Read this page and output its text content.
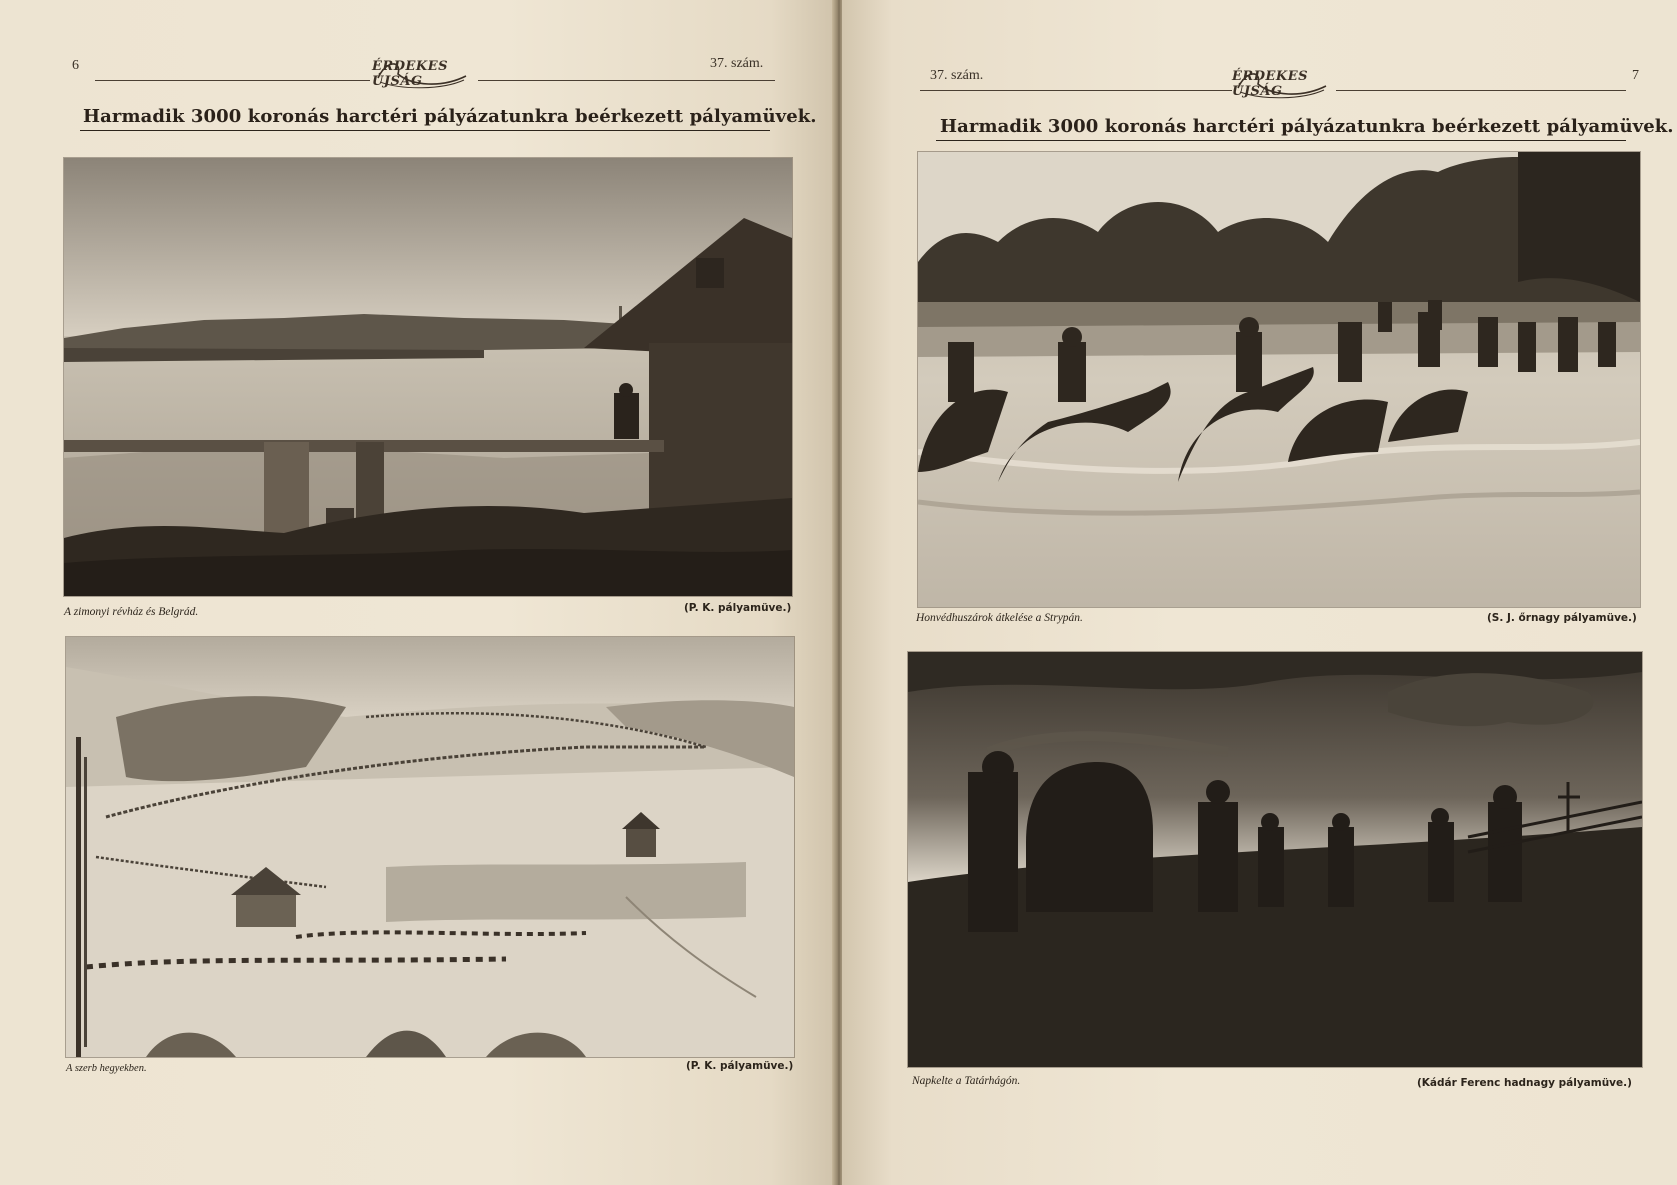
6	ÉRDEKES ÚJSÁG
37. szám.
Harmadik 3000 koronás harctéri pályázatunkra beérkezett pályamüvek.
A zimonyi révház és Belgrád.	(P. K. pályamüve.)
A szerb hegyekben.	(P. K. pályamüve.)
37. szám.	ÉRDEKES ÚJSÁG
7
Harmadik 3000 koronás harctéri pályázatunkra beérkezett pályamüvek.
Honvédhuszárok átkelése a Strypán.	(S. J. őrnagy pályamüve.)
Napkelte a Tatárhágón.	(Kádár Ferenc hadnagy pályamüve.)
